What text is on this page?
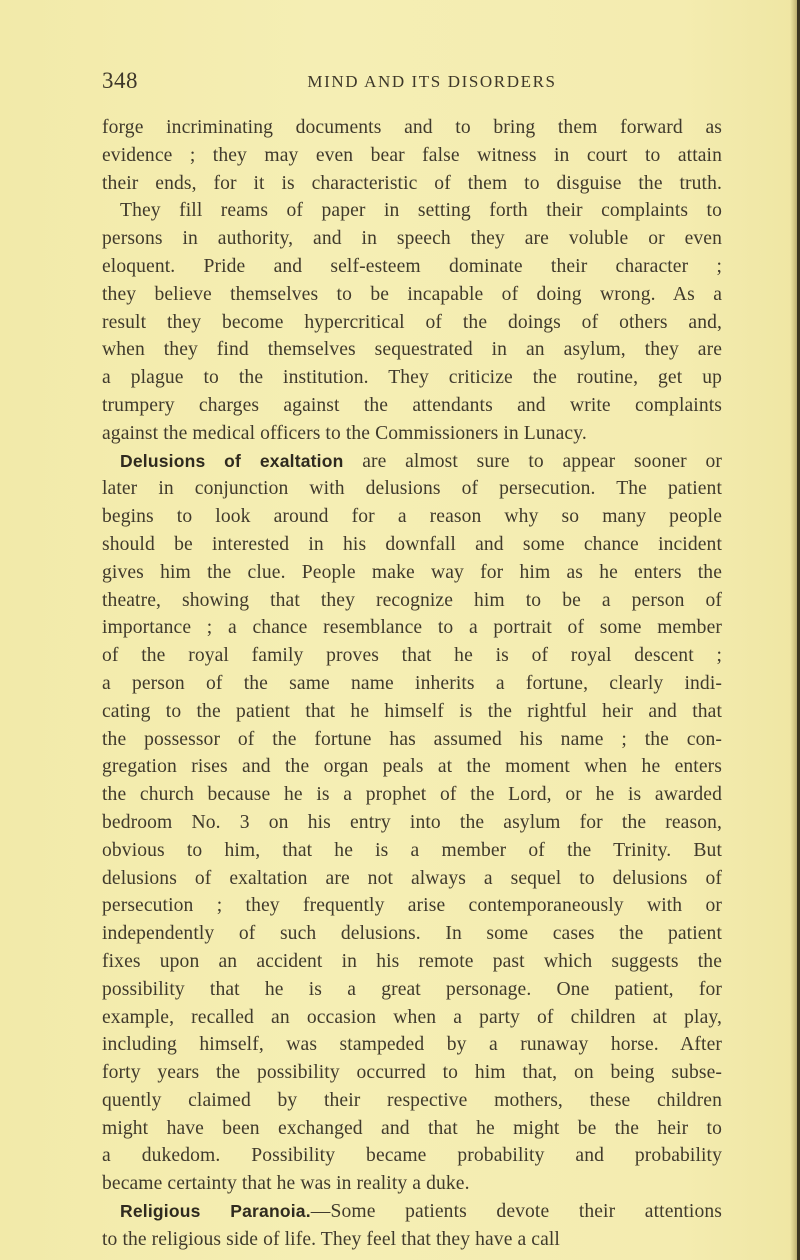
348	MIND AND ITS DISORDERS
forge incriminating documents and to bring them forward as
evidence ; they may even bear false witness in court to attain
their ends, for it is characteristic of them to disguise the truth.
They fill reams of paper in setting forth their complaints to
persons in authority, and in speech they are voluble or even
eloquent. Pride and self-esteem dominate their character ;
they believe themselves to be incapable of doing wrong. As a
result they become hypercritical of the doings of others and,
when they find themselves sequestrated in an asylum, they are
a plague to the institution. They criticize the routine, get up
trumpery charges against the attendants and write complaints
against the medical officers to the Commissioners in Lunacy.
Delusions of exaltation are almost sure to appear sooner or
later in conjunction with delusions of persecution. The patient
begins to look around for a reason why so many people
should be interested in his downfall and some chance incident
gives him the clue. People make way for him as he enters the
theatre, showing that they recognize him to be a person of
importance ; a chance resemblance to a portrait of some member
of the royal family proves that he is of royal descent ;
a person of the same name inherits a fortune, clearly indi-
cating to the patient that he himself is the rightful heir and that
the possessor of the fortune has assumed his name ; the con-
gregation rises and the organ peals at the moment when he enters
the church because he is a prophet of the Lord, or he is awarded
bedroom No. 3 on his entry into the asylum for the reason,
obvious to him, that he is a member of the Trinity. But
delusions of exaltation are not always a sequel to delusions of
persecution ; they frequently arise contemporaneously with or
independently of such delusions. In some cases the patient
fixes upon an accident in his remote past which suggests the
possibility that he is a great personage. One patient, for
example, recalled an occasion when a party of children at play,
including himself, was stampeded by a runaway horse. After
forty years the possibility occurred to him that, on being subse-
quently claimed by their respective mothers, these children
might have been exchanged and that he might be the heir to
a dukedom. Possibility became probability and probability
became certainty that he was in reality a duke.
Religious Paranoia.—Some patients devote their attentions
to the religious side of life. They feel that they have a call
